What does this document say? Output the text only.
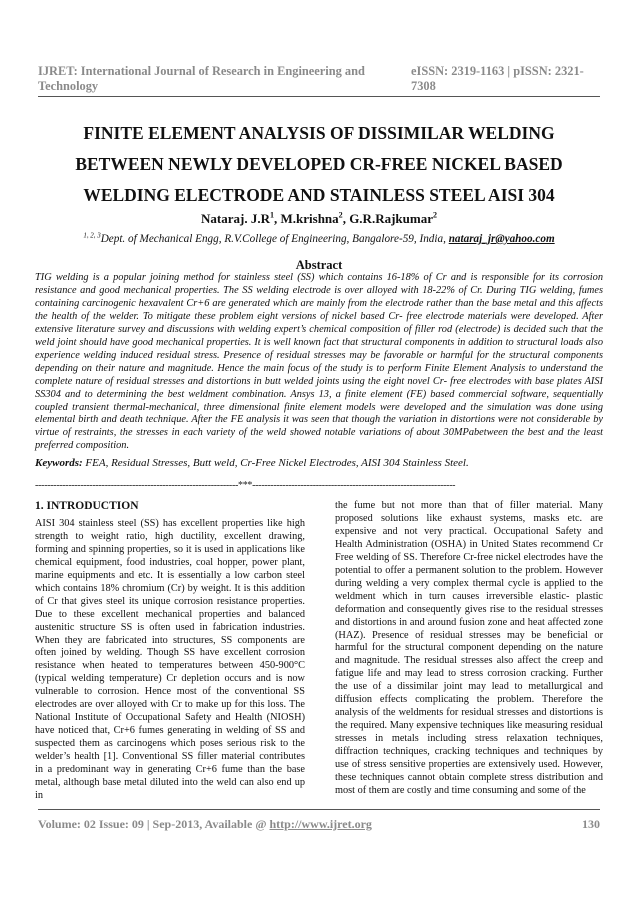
IJRET: International Journal of Research in Engineering and Technology
eISSN: 2319-1163 | pISSN: 2321-7308
FINITE ELEMENT ANALYSIS OF DISSIMILAR WELDING BETWEEN NEWLY DEVELOPED CR-FREE NICKEL BASED WELDING ELECTRODE AND STAINLESS STEEL AISI 304
Nataraj. $J.R^1$, M.krishna$^2$, G.R.Rajkumar$^2$
$^{1, 2, 3}$Dept. of Mechanical Engg, R.V.College of Engineering, Bangalore-59, India, nataraj_jr@yahoo.com
Abstract
TIG welding is a popular joining method for stainless steel (SS) which contains 16-18% of Cr and is responsible for its corrosion resistance and good mechanical properties. The SS welding electrode is over alloyed with 18-22% of Cr. During TIG welding, fumes containing carcinogenic hexavalent Cr+6 are generated which are mainly from the electrode rather than the base metal and this affects the health of the welder. To mitigate these problem eight versions of nickel based Cr- free electrode materials were developed. After extensive literature survey and discussions with welding expert’s chemical composition of filler rod (electrode) is decided such that the weld joint should have good mechanical properties. It is well known fact that structural components in addition to structural loads also experience welding induced residual stress. Presence of residual stresses may be favorable or harmful for the structural components depending on their nature and magnitude. Hence the main focus of the study is to perform Finite Element Analysis to understand the complete nature of residual stresses and distortions in butt welded joints using the eight novel Cr- free electrodes with base plates AISI SS304 and to determining the best weldment combination. Ansys 13, a finite element (FE) based commercial software, sequentially coupled transient thermal-mechanical, three dimensional finite element models were developed and the simulation was done using elemental birth and death technique. After the FE analysis it was seen that though the variation in distortions were not considerable by virtue of restraints, the stresses in each variety of the weld showed notable variations of about 30MPabetween the best and the least preferred composition.
Keywords: FEA, Residual Stresses, Butt weld, Cr-Free Nickel Electrodes, AISI 304 Stainless Steel.
-------------------------------------------------------------------***-------------------------------------------------------------------
1. INTRODUCTION

AISI 304 stainless steel (SS) has excellent properties like high strength to weight ratio, high ductility, excellent drawing, forming and spinning properties, so it is used in applications like chemical equipment, food industries, coal hopper, power plant, marine equipments and etc. It is essentially a low carbon steel which contains 18% chromium (Cr) by weight. It is this addition of Cr that gives steel its unique corrosion resistance properties. Due to these excellent mechanical properties and balanced austenitic structure SS is often used in fabrication industries. When they are fabricated into structures, SS components are often joined by welding. Though SS have excellent corrosion resistance when heated to temperatures between 450-900°C (typical welding temperature) Cr depletion occurs and is now vulnerable to corrosion. Hence most of the conventional SS electrodes are over alloyed with Cr to make up for this loss. The National Institute of Occupational Safety and Health (NIOSH) have noticed that, Cr+6 fumes generating in welding of SS and suspected them as carcinogens which poses serious risk to the welder’s health [1]. Conventional SS filler material contributes in a predominant way in generating Cr+6 fume than the base metal, although base metal diluted into the weld can also end up in

the fume but not more than that of filler material. Many proposed solutions like exhaust systems, masks etc. are expensive and not very practical. Occupational Safety and Health Administration (OSHA) in United States recommend Cr Free welding of SS. Therefore Cr-free nickel electrodes have the potential to offer a permanent solution to the problem. However during welding a very complex thermal cycle is applied to the weldment which in turn causes irreversible elastic- plastic deformation and consequently gives rise to the residual stresses and distortions in and around fusion zone and heat affected zone (HAZ). Presence of residual stresses may be beneficial or harmful for the structural component depending on the nature and magnitude. The residual stresses also affect the creep and fatigue life and may lead to stress corrosion cracking. Further the use of a dissimilar joint may lead to metallurgical and diffusion effects complicating the problem. Therefore the analysis of the weldments for residual stresses and distortions is the required. Many expensive techniques like measuring residual stresses in metals including stress relaxation techniques, diffraction techniques, cracking techniques and techniques by use of stress sensitive properties are extensively used. However, these techniques cannot obtain complete stress distribution and most of them are costly and time consuming and some of the

Volume: 02 Issue: 09 | Sep-2013, Available @ http://www.ijret.org	130
